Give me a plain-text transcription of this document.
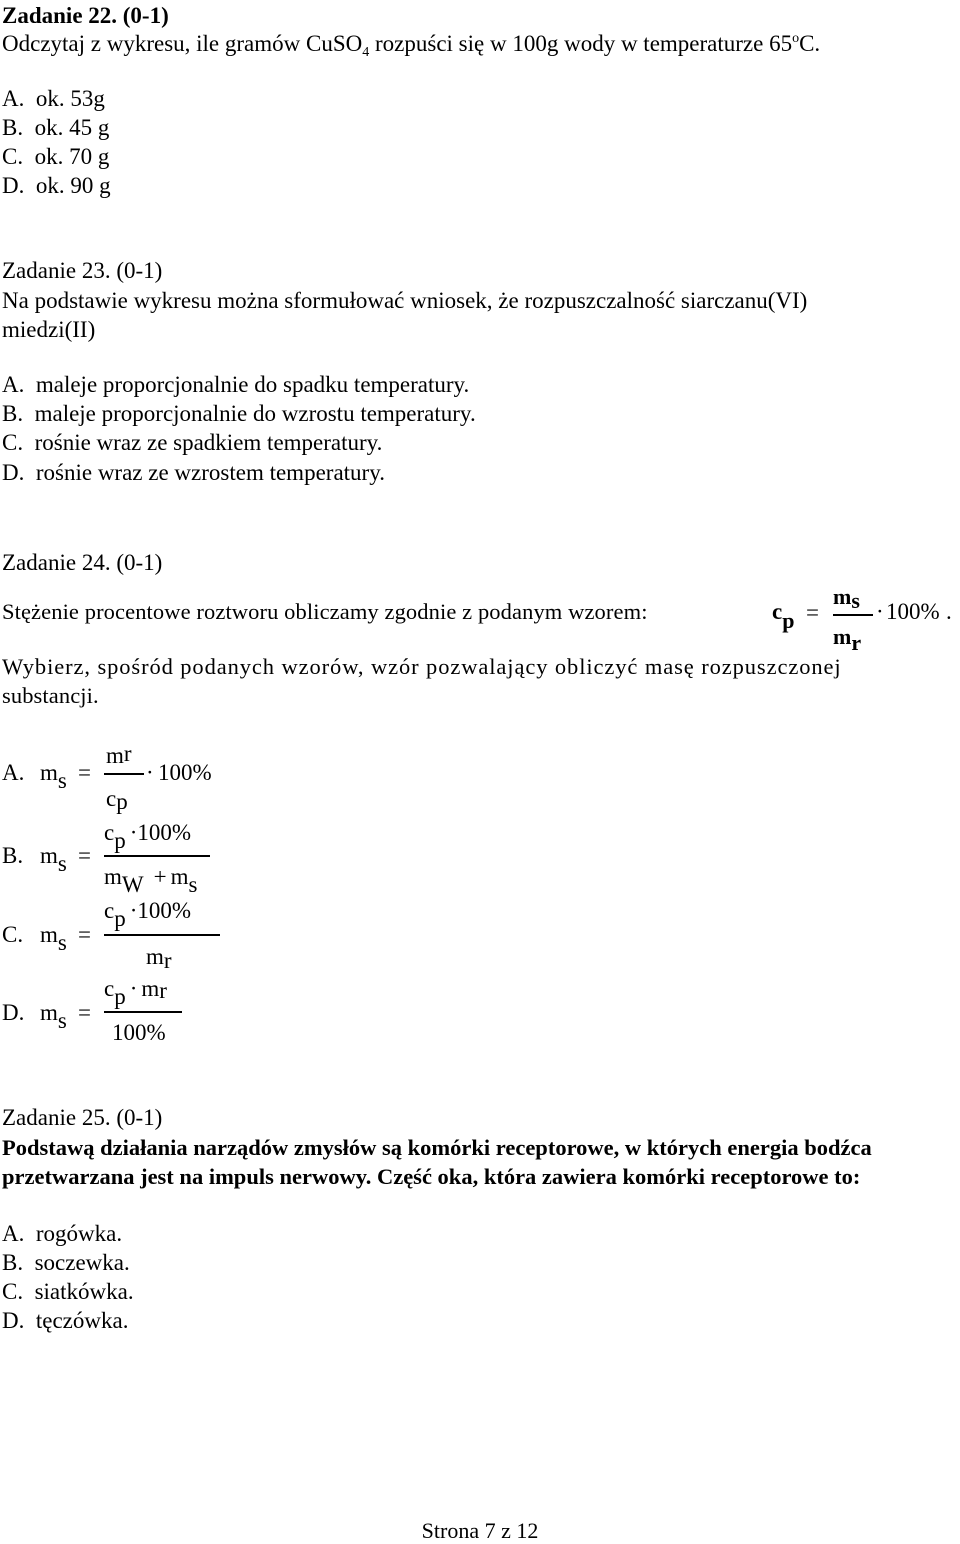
Zadanie 22. (0-1)
Odczytaj z wykresu, ile gramów CuSO$_4$ rozpuści się w 100g wody w temperaturze 65$^o$C.
A.  ok. 53g
B.  ok. 45 g
C.  ok. 70 g
D.  ok. 90 g
Zadanie 23. (0-1)
Na podstawie wykresu można sformułować wniosek, że rozpuszczalność siarczanu(VI)
miedzi(II)
A.  maleje proporcjonalnie do spadku temperatury.
B.  maleje proporcjonalnie do wzrostu temperatury.
C.  rośnie wraz ze spadkiem temperatury.
D.  rośnie wraz ze wzrostem temperatury.
Zadanie 24. (0-1)
Stężenie procentowe roztworu obliczamy zgodnie z podanym wzorem:	cp =
ms
mr
· 100% .
Wybierz, spośród podanych wzorów, wzór pozwalający obliczyć masę rozpuszczonej
substancji.
A. ms =
mr
cp
· 100%
B. ms =
cp ·100%
mW + ms
C. ms =
cp ·100%
mr
D. ms =
cp · mr
100%
Zadanie 25. (0-1)
Podstawą działania narządów zmysłów są komórki receptorowe, w których energia bodźca
przetwarzana jest na impuls nerwowy. Część oka, która zawiera komórki receptorowe to:
A.  rogówka.
B.  soczewka.
C.  siatkówka.
D.  tęczówka.
Strona 7 z 12
